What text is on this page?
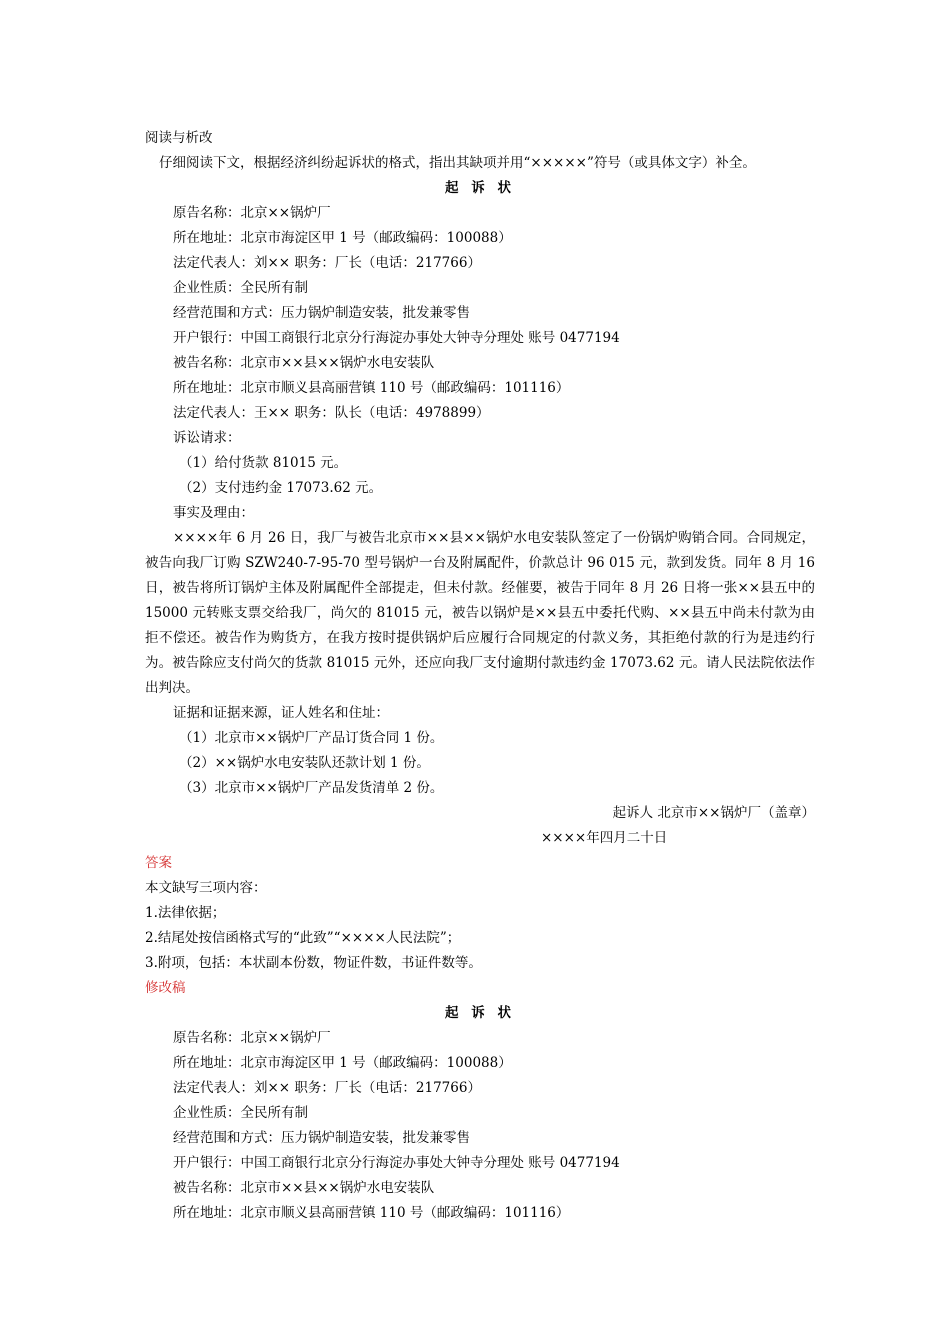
阅读与析改
仔细阅读下文，根据经济纠纷起诉状的格式，指出其缺项并用“×××××”符号（或具体文字）补全。
起 诉 状
原告名称：北京××锅炉厂
所在地址：北京市海淀区甲 1 号（邮政编码：100088）
法定代表人：刘×× 职务：厂长（电话：217766）
企业性质：全民所有制
经营范围和方式：压力锅炉制造安装，批发兼零售
开户银行：中国工商银行北京分行海淀办事处大钟寺分理处 账号 0477194
被告名称：北京市××县××锅炉水电安装队
所在地址：北京市顺义县高丽营镇 110 号（邮政编码：101116）
法定代表人：王×× 职务：队长（电话：4978899）
诉讼请求：
（1）给付货款 81015 元。
（2）支付违约金 17073.62 元。
事实及理由：
××××年 6 月 26 日，我厂与被告北京市××县××锅炉水电安装队签定了一份锅炉购销合同。合同规定，被告向我厂订购 SZW240-7-95-70 型号锅炉一台及附属配件，价款总计 96 015 元，款到发货。同年 8 月 16 日，被告将所订锅炉主体及附属配件全部提走，但未付款。经催要，被告于同年 8 月 26 日将一张××县五中的 15000 元转账支票交给我厂，尚欠的 81015 元，被告以锅炉是××县五中委托代购、××县五中尚未付款为由拒不偿还。被告作为购货方，在我方按时提供锅炉后应履行合同规定的付款义务，其拒绝付款的行为是违约行为。被告除应支付尚欠的货款 81015 元外，还应向我厂支付逾期付款违约金 17073.62 元。请人民法院依法作出判决。
证据和证据来源，证人姓名和住址：
（1）北京市××锅炉厂产品订货合同 1 份。
（2）××锅炉水电安装队还款计划 1 份。
（3）北京市××锅炉厂产品发货清单 2 份。
起诉人 北京市××锅炉厂（盖章）
××××年四月二十日
答案
本文缺写三项内容：
1.法律依据；
2.结尾处按信函格式写的“此致”“××××人民法院”；
3.附项，包括：本状副本份数，物证件数，书证件数等。
修改稿
起 诉 状
原告名称：北京××锅炉厂
所在地址：北京市海淀区甲 1 号（邮政编码：100088）
法定代表人：刘×× 职务：厂长（电话：217766）
企业性质：全民所有制
经营范围和方式：压力锅炉制造安装，批发兼零售
开户银行：中国工商银行北京分行海淀办事处大钟寺分理处 账号 0477194
被告名称：北京市××县××锅炉水电安装队
所在地址：北京市顺义县高丽营镇 110 号（邮政编码：101116）
